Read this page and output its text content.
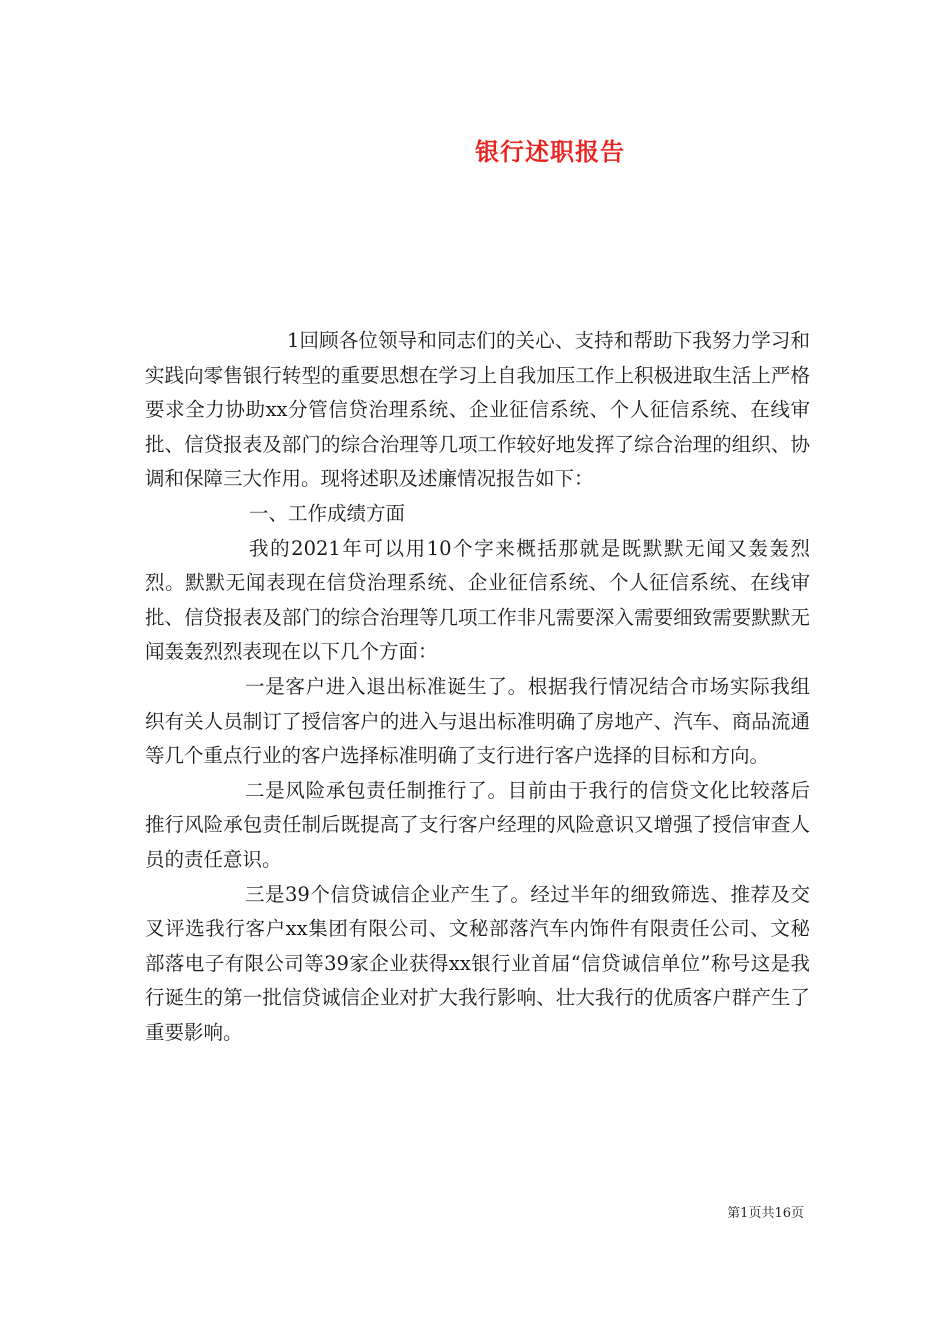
银行述职报告

1回顾各位领导和同志们的关心、支持和帮助下我努力学习和实践向零售银行转型的重要思想在学习上自我加压工作上积极进取生活上严格要求全力协助xx分管信贷治理系统、企业征信系统、个人征信系统、在线审批、信贷报表及部门的综合治理等几项工作较好地发挥了综合治理的组织、协调和保障三大作用。现将述职及述廉情况报告如下：

一、工作成绩方面

我的2021年可以用10个字来概括那就是既默默无闻又轰轰烈烈。默默无闻表现在信贷治理系统、企业征信系统、个人征信系统、在线审批、信贷报表及部门的综合治理等几项工作非凡需要深入需要细致需要默默无闻轰轰烈烈表现在以下几个方面：

一是客户进入退出标准诞生了。根据我行情况结合市场实际我组织有关人员制订了授信客户的进入与退出标准明确了房地产、汽车、商品流通等几个重点行业的客户选择标准明确了支行进行客户选择的目标和方向。

二是风险承包责任制推行了。目前由于我行的信贷文化比较落后推行风险承包责任制后既提高了支行客户经理的风险意识又增强了授信审查人员的责任意识。

三是39个信贷诚信企业产生了。经过半年的细致筛选、推荐及交叉评选我行客户xx集团有限公司、文秘部落汽车内饰件有限责任公司、文秘部落电子有限公司等39家企业获得xx银行业首届“信贷诚信单位”称号这是我行诞生的第一批信贷诚信企业对扩大我行影响、壮大我行的优质客户群产生了重要影响。

第1页共16页
